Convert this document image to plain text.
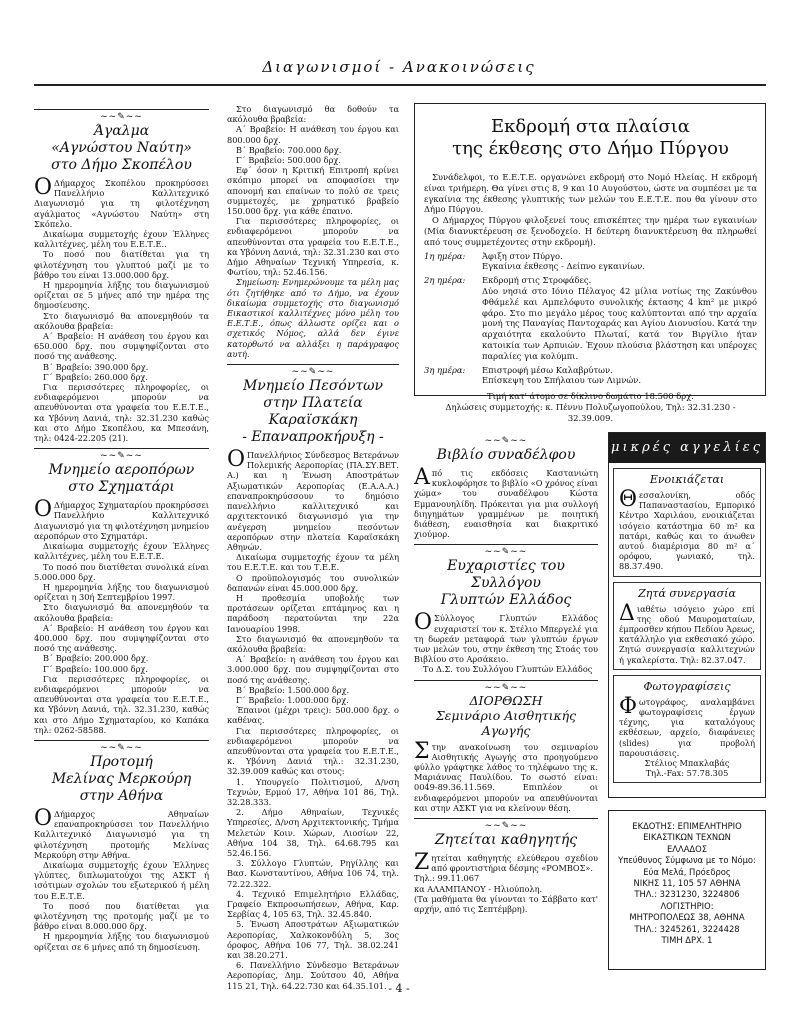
Διαγωνισμοί - Ανακοινώσεις
~~✎~~
Άγαλμα
«Αγνώστου Ναύτη»
στο Δήμο Σκοπέλου
Ο Δήμαρχος Σκοπέλου προκηρύσσει Πανελλήνιο Καλλιτεχνικό Διαγωνισμό για τη φιλοτέχνηση αγάλματος «Αγνώστου Ναύτη» στη Σκόπελο.

Δικαίωμα συμμετοχής έχουν Έλληνες καλλιτέχνες, μέλη του Ε.Ε.Τ.Ε..

Το ποσό που διατίθεται για τη φιλοτέχνηση του γλυπτού μαζί με το βάθρο του είναι 13.000.000 δρχ.

Η ημερομηνία λήξης του διαγωνισμού ορίζεται σε 5 μήνες από την ημέρα της δημοσίευσης.

Στο διαγωνισμό θα απονεμηθούν τα ακόλουθα βραβεία:

Α΄ Βραβείο: Η ανάθεση του έργου και 650.000 δρχ. που συμψηφίζονται στο ποσό της ανάθεσης.

Β΄ Βραβείο: 390.000 δρχ.

Γ΄ Βραβείο: 260.000 δρχ.

Για περισσότερες πληροφορίες, οι ενδιαφερόμενοι μπορούν να απευθύνονται στα γραφεία του Ε.Ε.Τ.Ε., κα Υβόννη Δανιά, τηλ: 32.31.230 καθώς και στο Δήμο Σκοπέλου, κα Μπεσάνη, τηλ: 0424-22.205 (21).

~~✎~~
Μνημείο αεροπόρων
στο Σχηματάρι
Ο Δήμαρχος Σχηματαρίου προκηρύσσει Πανελλήνιο Καλλιτεχνικό Διαγωνισμό για τη φιλοτέχνηση μνημείου αεροπόρων στο Σχηματάρι.

Δικαίωμα συμμετοχής έχουν Έλληνες καλλιτέχνες, μέλη του Ε.Ε.Τ.Ε.

Το ποσό που διατίθεται συνολικά είναι 5.000.000 δρχ.

Η ημερομηνία λήξης του διαγωνισμού ορίζεται η 30ή Σεπτεμβρίου 1997.

Στο διαγωνισμό θα απονεμηθούν τα ακόλουθα βραβεία:

Α΄ Βραβείο: Η ανάθεση του έργου και 400.000 δρχ. που συμψηφίζονται στο ποσό της ανάθεσης.

Β΄ Βραβείο: 200.000 δρχ.

Γ΄ Βραβείο: 100.000 δρχ.

Για περισσότερες πληροφορίες, οι ενδιαφερόμενοι μπορούν να απευθύνονται στα γραφεία του Ε.Ε.Τ.Ε., κα Υβόννη Δανιά, τηλ. 32.31.230, καθώς και στο Δήμο Σχηματαρίου, κο Καπάκα τηλ: 0262-58588.

~~✎~~
Προτομή
Μελίνας Μερκούρη
στην Αθήνα
Ο Δήμαρχος Αθηναίων επαναπροκηρύσσει τον Πανελλήνιο Καλλιτεχνικό Διαγωνισμό για τη φιλοτέχνηση προτομής Μελίνας Μερκούρη στην Αθήνα.

Δικαίωμα συμμετοχής έχουν Έλληνες γλύπτες, διπλωματούχοι της ΑΣΚΤ ή ισότιμων σχολών του εξωτερικού ή μέλη του Ε.Ε.Τ.Ε.

Το ποσό που διατίθεται για φιλοτέχνηση της προτομής μαζί με το βάθρο είναι 8.000.000 δρχ.

Η ημερομηνία λήξης του διαγωνισμού ορίζεται σε 6 μήνες από τη δημοσίευση.

Στο διαγωνισμό θα δοθούν τα ακόλουθα βραβεία:

Α΄ Βραβείο: Η ανάθεση του έργου και 800.000 δρχ.

Β΄ Βραβείο: 700.000 δρχ.

Γ΄ Βραβείο: 500.000 δρχ.

Εφ΄ όσον η Κριτική Επιτροπή κρίνει σκόπιμο μπορεί να αποφασίσει την απονομή και επαίνων το πολύ σε τρεις συμμετοχές, με χρηματικό βραβείο 150.000 δρχ. για κάθε έπαινο.

Για περισσότερες πληροφορίες, οι ενδιαφερόμενοι μπορούν να απευθύνονται στα γραφεία του Ε.Ε.Τ.Ε., κα Υβόννη Δανιά, τηλ: 32.31.230 και στο Δήμο Αθηναίων Τεχνική Υπηρεσία, κ. Φωτίου, τηλ: 52.46.156.

Σημείωση: Ενημερώνουμε τα μέλη μας ότι ζητήθηκε από το Δήμο, να έχουν δικαίωμα συμμετοχής στο διαγωνισμό Εικαστικοί καλλιτέχνες μόνο μέλη του Ε.Ε.Τ.Ε., όπως άλλωστε ορίζει και ο σχετικός Νόμος, αλλά δεν έγινε κατορθωτό να αλλάξει η παράγραφος αυτή.

~~✎~~
Μνημείο Πεσόντων
στην Πλατεία Καραϊσκάκη
- Επαναπροκήρυξη -
Ο Πανελλήνιος Σύνδεσμος Βετεράνων Πολεμικής Αεροπορίας (ΠΑ.ΣΥ.ΒΕΤ. Α.) και η Ένωση Αποστράτων Αξιωματικών Αεροπορίας (Ε.Α.Α.Α.) επαναπροκηρύσσουν το δημόσιο πανελλήνιο καλλιτεχνικό και αρχιτεκτονικό διαγωνισμό για την ανέγερση μνημείου πεσόντων αεροπόρων στην πλατεία Καραϊσκάκη Αθηνών.

Δικαίωμα συμμετοχής έχουν τα μέλη του Ε.Ε.Τ.Ε. και του Τ.Ε.Ε.

Ο προϋπολογισμός του συνολικών δαπανών είναι 45.000.000 δρχ.

Η προθεσμία υποβολής των προτάσεων ορίζεται επτάμηνος και η παράδοση περατούνται την 22α Ιανουαρίου 1998.

Στο διαγωνισμό θα απονεμηθούν τα ακόλουθα βραβεία:

Α΄ Βραβείο: η ανάθεση του έργου και 3.000.000 δρχ. που συμψηφίζονται στο ποσό της ανάθεσης.

Β΄ Βραβείο: 1.500.000 δρχ.

Γ΄ Βραβείο: 1.000.000 δρχ.

Έπαινοι (μέχρι τρεις): 500.000 δρχ. ο καθένας.

Για περισσότερες πληροφορίες, οι ενδιαφερόμενοι μπορούν να απευθύνονται στα γραφεία του Ε.Ε.Τ.Ε., κ. Υβόννη Δανιά τηλ.: 32.31.230, 32.39.009 καθώς και στους:

1. Υπουργείο Πολιτισμού, Δ/νση Τεχνών, Ερμού 17, Αθήνα 101 86, Τηλ. 32.28.333.

2. Δήμο Αθηναίων, Τεχνικές Υπηρεσίες, Δ/νση Αρχιτεκτονικής, Τμήμα Μελετών Κοιν. Χώρων, Λιοσίων 22, Αθήνα 104 38, Τηλ. 64.68.795 και 52.46.156.

3. Σύλλογο Γλυπτών, Ρηγίλλης και Βασ. Κωνσταντίνου, Αθήνα 106 74, τηλ. 72.22.322.

4. Τεχνικό Επιμελητήριο Ελλάδας, Γραφείο Εκπροσωπήσεων, Αθήνα, Καρ. Σερβίας 4, 105 63, Τηλ. 32.45.840.

5. Ένωση Αποστράτων Αξιωματικών Αεροπορίας, Χαλκοκονδύλη 5, 3ος όροφος, Αθήνα 106 77, Τηλ. 38.02.241 και 38.20.271.

6. Πανελλήνιο Σύνδεσμο Βετεράνων Αεροπορίας, Δημ. Σούτσου 40, Αθήνα 115 21, Τηλ. 64.22.730 και 64.35.101.

Εκδρομή στα πλαίσια
της έκθεσης στο Δήμο Πύργου

Συνάδελφοι, το Ε.Ε.Τ.Ε. οργανώνει εκδρομή στο Νομό Ηλείας. Η εκδρομή είναι τριήμερη. Θα γίνει στις 8, 9 και 10 Αυγούστου, ώστε να συμπέσει με τα εγκαίνια της έκθεσης γλυπτικής των μελών του Ε.Ε.Τ.Ε. που θα γίνουν στο Δήμο Πύργου.

Ο Δήμαρχος Πύργου φιλοξενεί τους επισκέπτες την ημέρα των εγκαινίων (Μία διανυκτέρευση σε ξενοδοχείο. Η δεύτερη διανυκτέρευση θα πληρωθεί από τους συμμετέχοντες στην εκδρομή).

1η ημέρα:	Άφιξη στον Πύργο.
Εγκαίνια έκθεσης - Δείπνο εγκαινίων.
2η ημέρα:	Εκδρομή στις Στροφάδες.
Δύο νησιά στο Ιόνιο Πέλαγος 42 μίλια νοτίως της Ζακύνθου Φθάμελέ και Αμπελόφυτο συνολικής έκτασης 4 km² με μικρό φάρο. Στο πιο μεγάλο μέρος τους καλύπτονται από την αρχαία μονή της Παναγίας Παντοχαράς και Αγίου Διονυσίου. Κατά την αρχαιότητα εκαλούντο Πλωταί, κατά τον Βιργίλιο ήταν κατοικία των Αρπυιών. Έχουν πλούσια βλάστηση και υπέροχες παραλίες για κολύμπι.
3η ημέρα:	Επιστροφή μέσω Καλαβρύτων.
Επίσκεψη του Σπήλαιου των Λιμνών.
Τιμή κατ' άτομο σε δίκλινο δωμάτιο 18.500 δρχ.
Δηλώσεις συμμετοχής: κ. Πέννυ Πολυζωγοπούλου, Τηλ: 32.31.230 - 32.39.009.
~~✎~~
Βιβλίο συναδέλφου
Α πό τις εκδόσεις Καστανιώτη κυκλοφόρησε το βιβλίο «Ο χρόνος είναι χώμα» του συναδέλφου Κώστα Εμμανουηλίδη. Πρόκειται για μια συλλογή διηγημάτων γραμμένων με ποιητική διάθεση, ευαισθησία και διακριτικό χιούμορ.

~~✎~~
Ευχαριστίες του Συλλόγου
Γλυπτών Ελλάδος
Ο Σύλλογος Γλυπτών Ελλάδος ευχαριστεί τον κ. Στέλιο Μπεργελέ για τη δωρεάν μεταφορά των γλυπτών έργων των μελών του, στην έκθεση της Στοάς του Βιβλίου στο Αρσάκειο.

Το Δ.Σ. του Συλλόγου Γλυπτών Ελλάδος

~~✎~~
ΔΙΟΡΘΩΣΗ
Σεμινάριο Αισθητικής
Αγωγής
Σ την ανακοίνωση του σεμιναρίου Αισθητικής Αγωγής στο προηγούμενο φύλλο γράφτηκε λάθος το τηλέφωνο της κ. Μαριάννας Παυλίδου. Το σωστό είναι: 0049-89.36.11.569. Επιπλέον οι ενδιαφερόμενοι μπορούν να απευθύνονται και στην ΑΣΚΤ για να κλείνουν θέση.

~~✎~~
Ζητείται καθηγητής
Ζ ητείται καθηγητής ελεύθερου σχεδίου από φροντιστήρια δέσμης «ΡΟΜΒΟΣ».

Τηλ.: 99.11.067

κα ΑΛΑΜΠΑΝΟΥ - Ηλιούπολη.

(Τα μαθήματα θα γίνονται το Σάββατο κατ' αρχήν, από τις Σεπτέμβρη).

μικρές αγγελίες
Ενοικιάζεται
Θ εσσαλονίκη, οδός Παπαναστασίου, Εμπορικό Κέντρο Χαριλάου, ενοικιάζεται ισόγειο κατάστημα 60 m² κα πατάρι, καθώς και το άνωθεν αυτού διαμέρισμα 80 m² α΄ ορόφου, γωνιακό, τηλ. 88.37.490.
Ζητά συνεργασία
Δ ιαθέτω ισόγειο χώρο επί της οδού Μαυροματαίων, έμπροσθεν κήπου Πεδίου Άρεως, κατάλληλο για εκθεσιακό χώρο. Ζητώ συνεργασία καλλιτεχνών ή γκαλερίστα. Τηλ: 82.37.047.
Φωτογραφίσεις
Φ ωτογράφος, αναλαμβάνει φωτογραφίσεις έργων τέχνης, για καταλόγους εκθέσεων, αρχείο, διαφάνειες (slides) για προβολή παρουσιάσεις.
Στέλιος Μπακλαβάς
Τηλ.-Fax: 57.78.305
ΕΚΔΟΤΗΣ: ΕΠΙΜΕΛΗΤΗΡΙΟ
ΕΙΚΑΣΤΙΚΩΝ ΤΕΧΝΩΝ
ΕΛΛΑΔΟΣ
Υπεύθυνος Σύμφωνα με το Νόμο:
Εύα Μελά, Πρόεδρος
ΝΙΚΗΣ 11, 105 57 ΑΘΗΝΑ
ΤΗΛ.: 3231230, 3224806
ΛΟΓΙΣΤΗΡΙΟ:
ΜΗΤΡΟΠΟΛΕΩΣ 38, ΑΘΗΝΑ
ΤΗΛ.: 3245261, 3224428
ΤΙΜΗ ΔΡΧ. 1
- 4 -
